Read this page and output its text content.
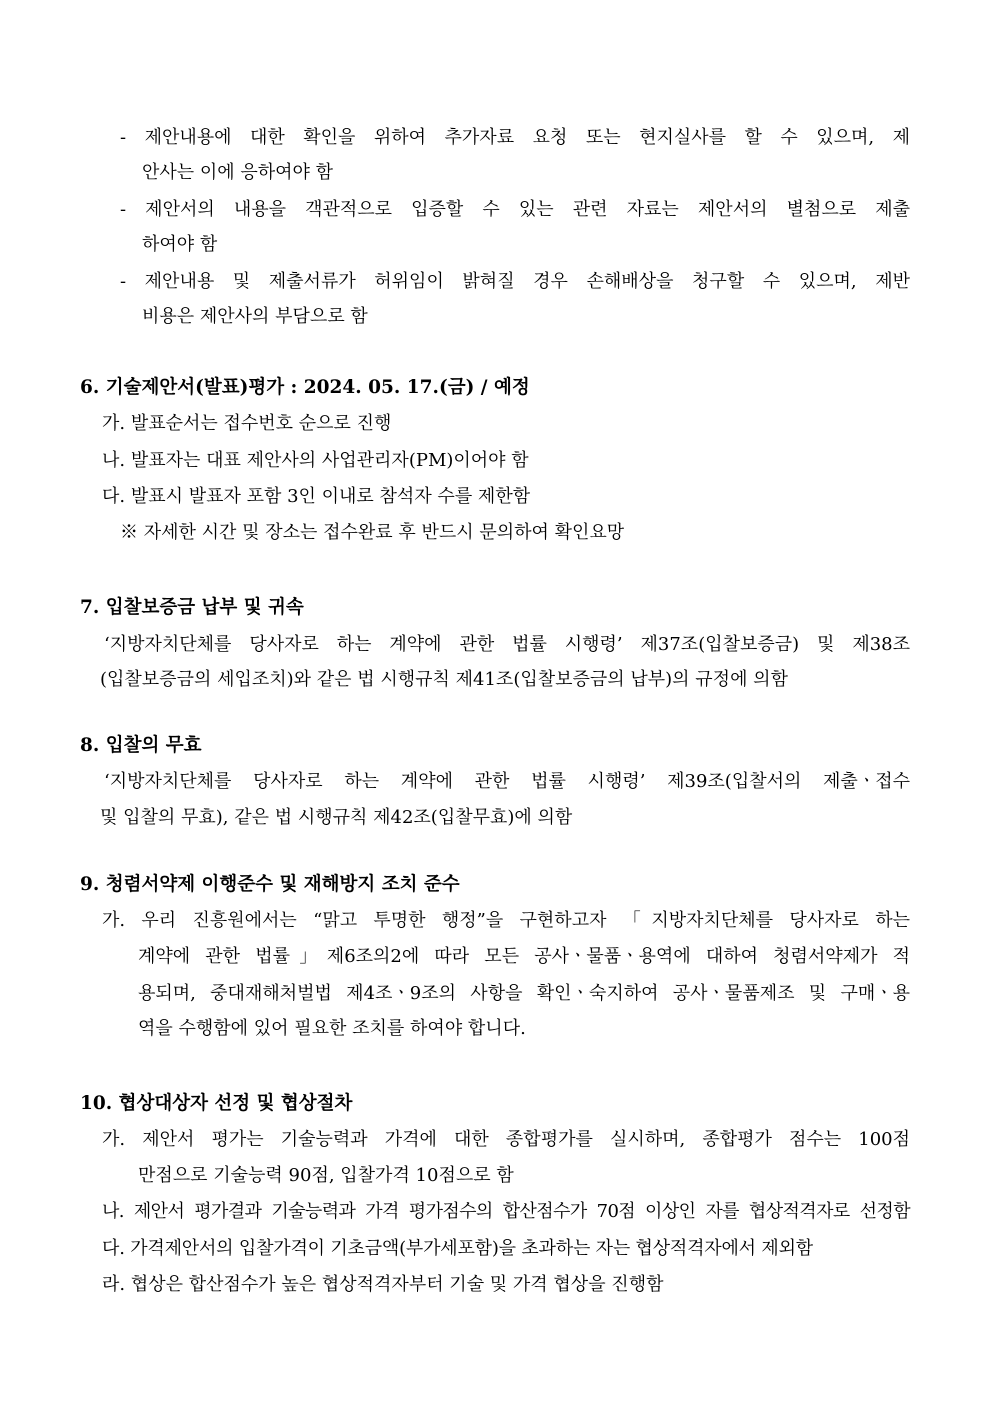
- 제안내용에 대한 확인을 위하여 추가자료 요청 또는 현지실사를 할 수 있으며, 제
안사는 이에 응하여야 함
- 제안서의 내용을 객관적으로 입증할 수 있는 관련 자료는 제안서의 별첨으로 제출
하여야 함
- 제안내용 및 제출서류가 허위임이 밝혀질 경우 손해배상을 청구할 수 있으며, 제반
비용은 제안사의 부담으로 함
6. 기술제안서(발표)평가 : 2024. 05. 17.(금) / 예정
가. 발표순서는 접수번호 순으로 진행
나. 발표자는 대표 제안사의 사업관리자(PM)이어야 함
다. 발표시 발표자 포함 3인 이내로 참석자 수를 제한함
※ 자세한 시간 및 장소는 접수완료 후 반드시 문의하여 확인요망
7. 입찰보증금 납부 및 귀속
‘지방자치단체를 당사자로 하는 계약에 관한 법률 시행령’ 제37조(입찰보증금) 및 제38조
(입찰보증금의 세입조치)와 같은 법 시행규칙 제41조(입찰보증금의 납부)의 규정에 의함
8. 입찰의 무효
‘지방자치단체를 당사자로 하는 계약에 관한 법률 시행령’ 제39조(입찰서의 제출ㆍ접수
및 입찰의 무효), 같은 법 시행규칙 제42조(입찰무효)에 의함
9. 청렴서약제 이행준수 및 재해방지 조치 준수
가. 우리 진흥원에서는 “맑고 투명한 행정”을 구현하고자 「지방자치단체를 당사자로 하는
계약에 관한 법률」제6조의2에 따라 모든 공사ㆍ물품ㆍ용역에 대하여 청렴서약제가 적
용되며, 중대재해처벌법 제4조ㆍ9조의 사항을 확인ㆍ숙지하여 공사ㆍ물품제조 및 구매ㆍ용
역을 수행함에 있어 필요한 조치를 하여야 합니다.
10. 협상대상자 선정 및 협상절차
가. 제안서 평가는 기술능력과 가격에 대한 종합평가를 실시하며, 종합평가 점수는 100점
만점으로 기술능력 90점, 입찰가격 10점으로 함
나. 제안서 평가결과 기술능력과 가격 평가점수의 합산점수가 70점 이상인 자를 협상적격자로 선정함
다. 가격제안서의 입찰가격이 기초금액(부가세포함)을 초과하는 자는 협상적격자에서 제외함
라. 협상은 합산점수가 높은 협상적격자부터 기술 및 가격 협상을 진행함
